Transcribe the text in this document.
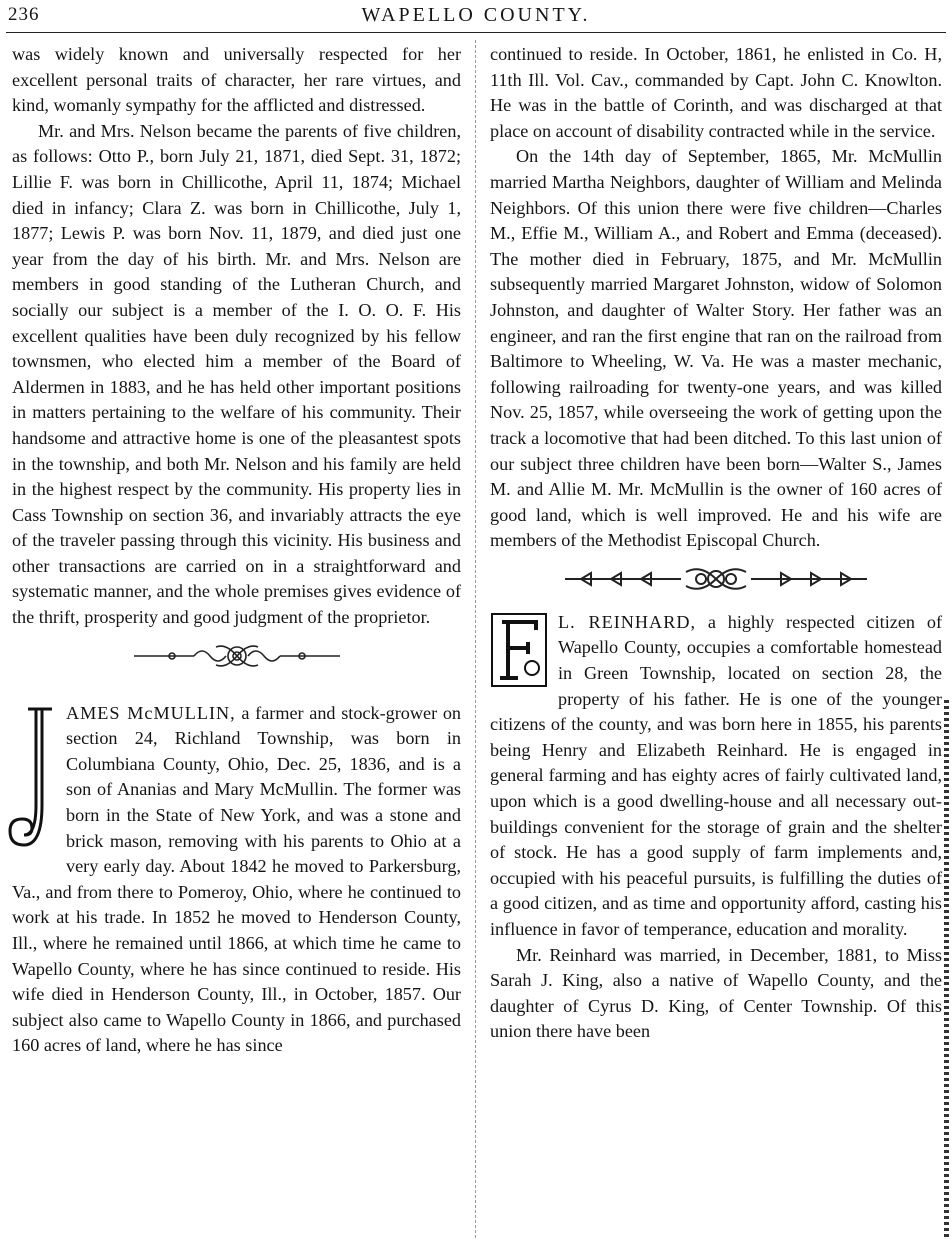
236	WAPELLO COUNTY.

was widely known and universally respected for her excellent personal traits of character, her rare virtues, and kind, womanly sympathy for the afflicted and distressed.

Mr. and Mrs. Nelson became the parents of five children, as follows: Otto P., born July 21, 1871, died Sept. 31, 1872; Lillie F. was born in Chillicothe, April 11, 1874; Michael died in infancy; Clara Z. was born in Chillicothe, July 1, 1877; Lewis P. was born Nov. 11, 1879, and died just one year from the day of his birth. Mr. and Mrs. Nelson are members in good standing of the Lutheran Church, and socially our subject is a member of the I. O. O. F. His excellent qualities have been duly recognized by his fellow townsmen, who elected him a member of the Board of Aldermen in 1883, and he has held other important positions in matters pertaining to the welfare of his community. Their handsome and attractive home is one of the pleasantest spots in the township, and both Mr. Nelson and his family are held in the highest respect by the community. His property lies in Cass Township on section 36, and invariably attracts the eye of the traveler passing through this vicinity. His business and other transactions are carried on in a straightforward and systematic manner, and the whole premises gives evidence of the thrift, prosperity and good judgment of the proprietor.

AMES McMULLIN, a farmer and stock-grower on section 24, Richland Township, was born in Columbiana County, Ohio, Dec. 25, 1836, and is a son of Ananias and Mary McMullin. The former was born in the State of New York, and was a stone and brick mason, removing with his parents to Ohio at a very early day. About 1842 he moved to Parkersburg, Va., and from there to Pomeroy, Ohio, where he continued to work at his trade. In 1852 he moved to Henderson County, Ill., where he remained until 1866, at which time he came to Wapello County, where he has since continued to reside. His wife died in Henderson County, Ill., in October, 1857. Our subject also came to Wapello County in 1866, and purchased 160 acres of land, where he has since

continued to reside. In October, 1861, he enlisted in Co. H, 11th Ill. Vol. Cav., commanded by Capt. John C. Knowlton. He was in the battle of Corinth, and was discharged at that place on account of disability contracted while in the service.

On the 14th day of September, 1865, Mr. McMullin married Martha Neighbors, daughter of William and Melinda Neighbors. Of this union there were five children—Charles M., Effie M., William A., and Robert and Emma (deceased). The mother died in February, 1875, and Mr. McMullin subsequently married Margaret Johnston, widow of Solomon Johnston, and daughter of Walter Story. Her father was an engineer, and ran the first engine that ran on the railroad from Baltimore to Wheeling, W. Va. He was a master mechanic, following railroading for twenty-one years, and was killed Nov. 25, 1857, while overseeing the work of getting upon the track a locomotive that had been ditched. To this last union of our subject three children have been born—Walter S., James M. and Allie M. Mr. McMullin is the owner of 160 acres of good land, which is well improved. He and his wife are members of the Methodist Episcopal Church.

L. REINHARD, a highly respected citizen of Wapello County, occupies a comfortable homestead in Green Township, located on section 28, the property of his father. He is one of the younger citizens of the county, and was born here in 1855, his parents being Henry and Elizabeth Reinhard. He is engaged in general farming and has eighty acres of fairly cultivated land, upon which is a good dwelling-house and all necessary out-buildings convenient for the storage of grain and the shelter of stock. He has a good supply of farm implements and, occupied with his peaceful pursuits, is fulfilling the duties of a good citizen, and as time and opportunity afford, casting his influence in favor of temperance, education and morality.

Mr. Reinhard was married, in December, 1881, to Miss Sarah J. King, also a native of Wapello County, and the daughter of Cyrus D. King, of Center Township. Of this union there have been
